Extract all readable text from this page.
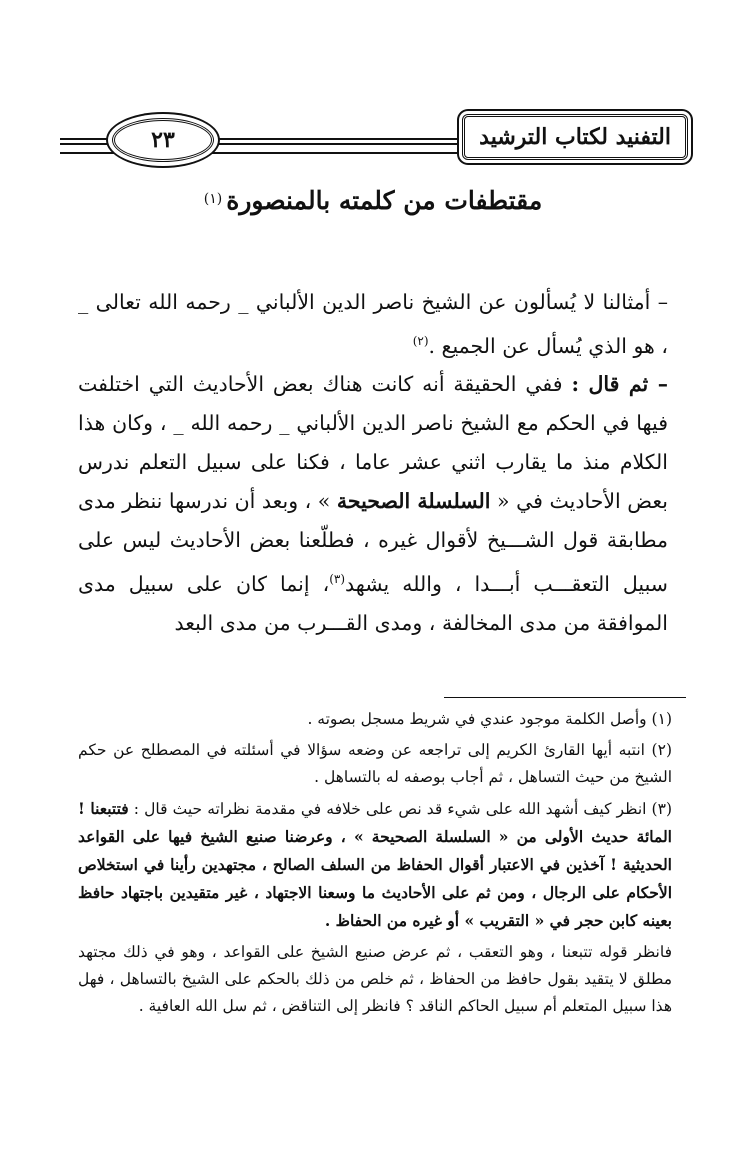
٢٣	التفنيد لكتاب الترشيد
مقتطفات من كلمته بالمنصورة(١)

– أمثالنا لا يُسألون عن الشيخ ناصر الدين الألباني _ رحمه الله تعالى _ ، هو الذي يُسأل عن الجميع .$^{(٢)}$

– ثم قال : ففي الحقيقة أنه كانت هناك بعض الأحاديث التي اختلفت فيها في الحكم مع الشيخ ناصر الدين الألباني _ رحمه الله _ ، وكان هذا الكلام منذ ما يقارب اثني عشر عاما ، فكنا على سبيل التعلم ندرس بعض الأحاديث في « السلسلة الصحيحة » ، وبعد أن ندرسها ننظر مدى مطابقة قول الشـــيخ لأقوال غيره ، فطلّعنا بعض الأحاديث ليس على سبيل التعقـــب أبـــدا ، والله يشهد$^{(٣)}$، إنما كان على سبيل مدى الموافقة من مدى المخالفة ، ومدى القـــرب من مدى البعد

(١) وأصل الكلمة موجود عندي في شريط مسجل بصوته .

(٢) انتبه أيها القارئ الكريم إلى تراجعه عن وضعه سؤالا في أسئلته في المصطلح عن حكم الشيخ من حيث التساهل ، ثم أجاب بوصفه له بالتساهل .

(٣) انظر كيف أشهد الله على شيء قد نص على خلافه في مقدمة نظراته حيث قال : فتتبعنا ! المائة حديث الأولى من « السلسلة الصحيحة » ، وعرضنا صنيع الشيخ فيها على القواعد الحديثية ! آخذين في الاعتبار أقوال الحفاظ من السلف الصالح ، مجتهدين رأينا في استخلاص الأحكام على الرجال ، ومن ثم على الأحاديث ما وسعنا الاجتهاد ، غير متقيدين باجتهاد حافظ بعينه كابن حجر في « التقريب » أو غيره من الحفاظ .

فانظر قوله تتبعنا ، وهو التعقب ، ثم عرض صنيع الشيخ على القواعد ، وهو في ذلك مجتهد مطلق لا يتقيد بقول حافظ من الحفاظ ، ثم خلص من ذلك بالحكم على الشيخ بالتساهل ، فهل هذا سبيل المتعلم أم سبيل الحاكم الناقد ؟ فانظر إلى التناقض ، ثم سل الله العافية .
